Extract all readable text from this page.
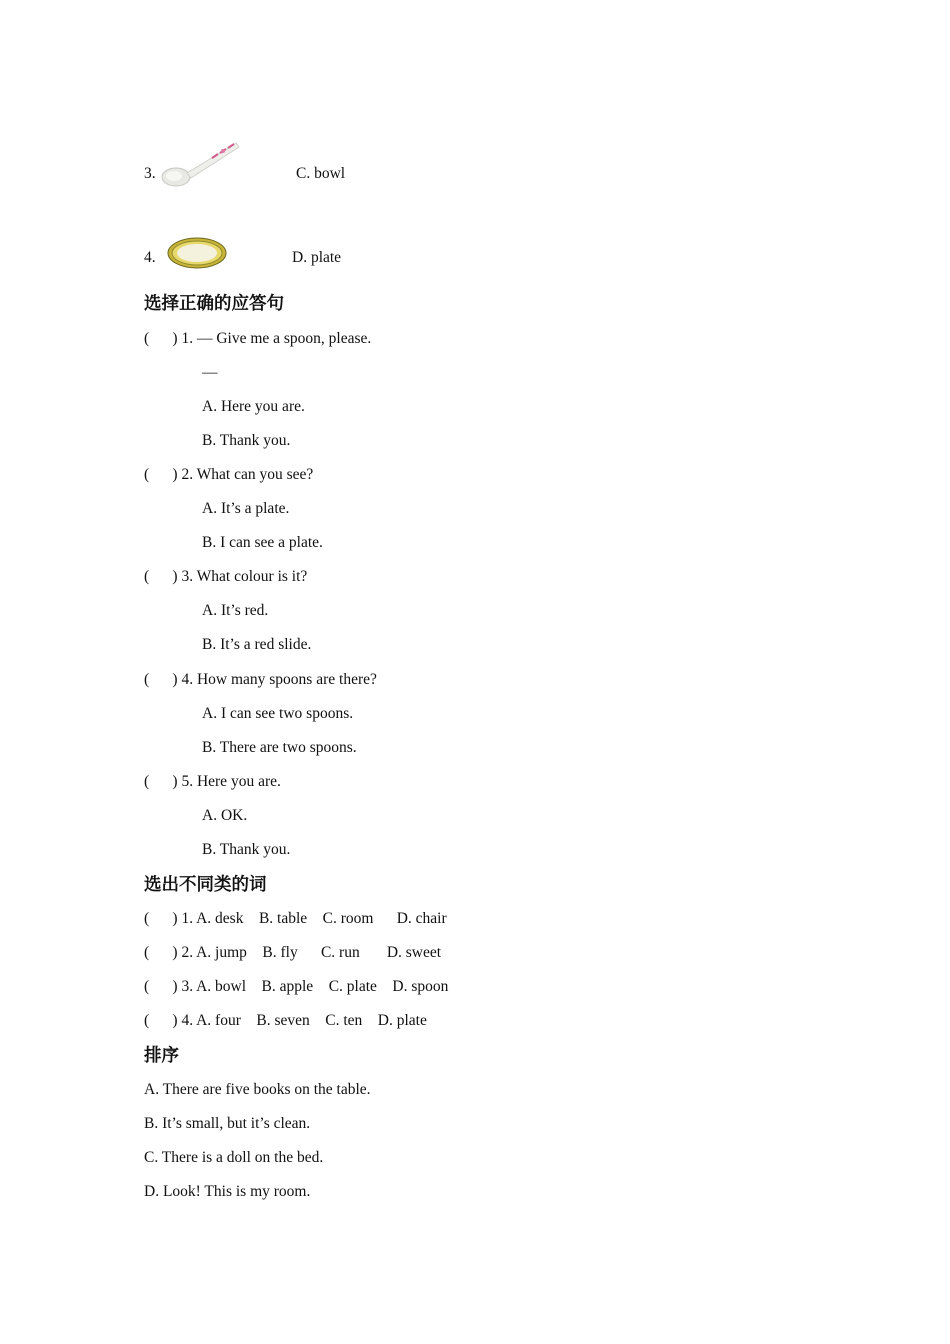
3.	C. bowl
4.	D. plate
选择正确的应答句
(      ) 1. — Give me a spoon, please.
—
A. Here you are.
B. Thank you.
(      ) 2. What can you see?
A. It’s a plate.
B. I can see a plate.
(      ) 3. What colour is it?
A. It’s red.
B. It’s a red slide.
(      ) 4. How many spoons are there?
A. I can see two spoons.
B. There are two spoons.
(      ) 5. Here you are.
A. OK.
B. Thank you.
选出不同类的词
(      ) 1. A. desk    B. table    C. room      D. chair
(      ) 2. A. jump    B. fly      C. run       D. sweet
(      ) 3. A. bowl    B. apple    C. plate    D. spoon
(      ) 4. A. four    B. seven    C. ten    D. plate
排序
A. There are five books on the table.
B. It’s small, but it’s clean.
C. There is a doll on the bed.
D. Look! This is my room.
